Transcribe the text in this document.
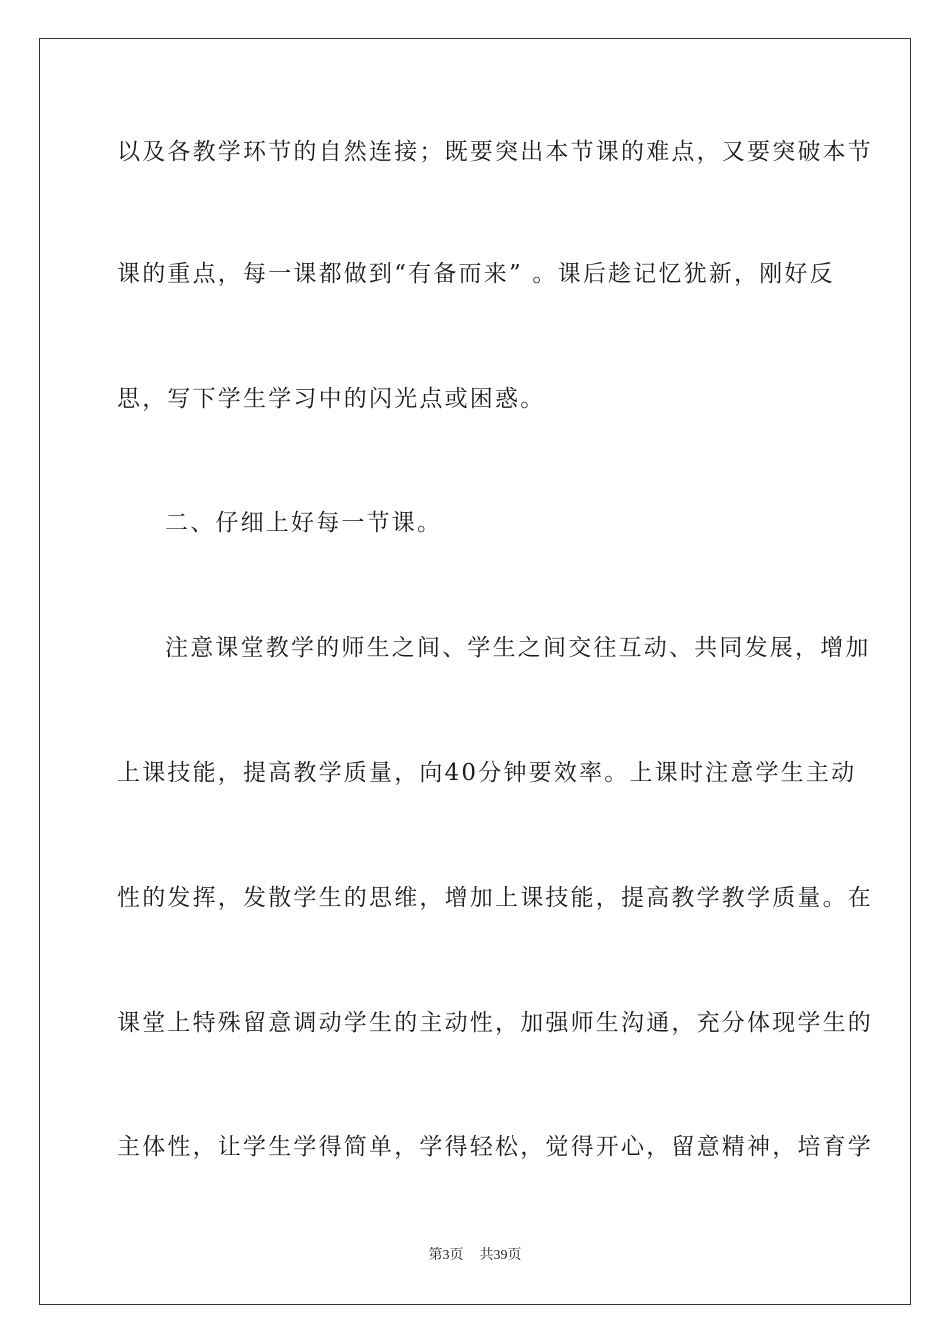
以及各教学环节的自然连接；既要突出本节课的难点，又要突破本节
课的重点，每一课都做到“有备而来” 。课后趁记忆犹新，刚好反
思，写下学生学习中的闪光点或困惑。
二、仔细上好每一节课。
注意课堂教学的师生之间、学生之间交往互动、共同发展，增加
上课技能，提高教学质量，向40分钟要效率。上课时注意学生主动
性的发挥，发散学生的思维，增加上课技能，提高教学教学质量。在
课堂上特殊留意调动学生的主动性，加强师生沟通，充分体现学生的
主体性，让学生学得简单，学得轻松，觉得开心，留意精神，培育学
第3页 共39页
